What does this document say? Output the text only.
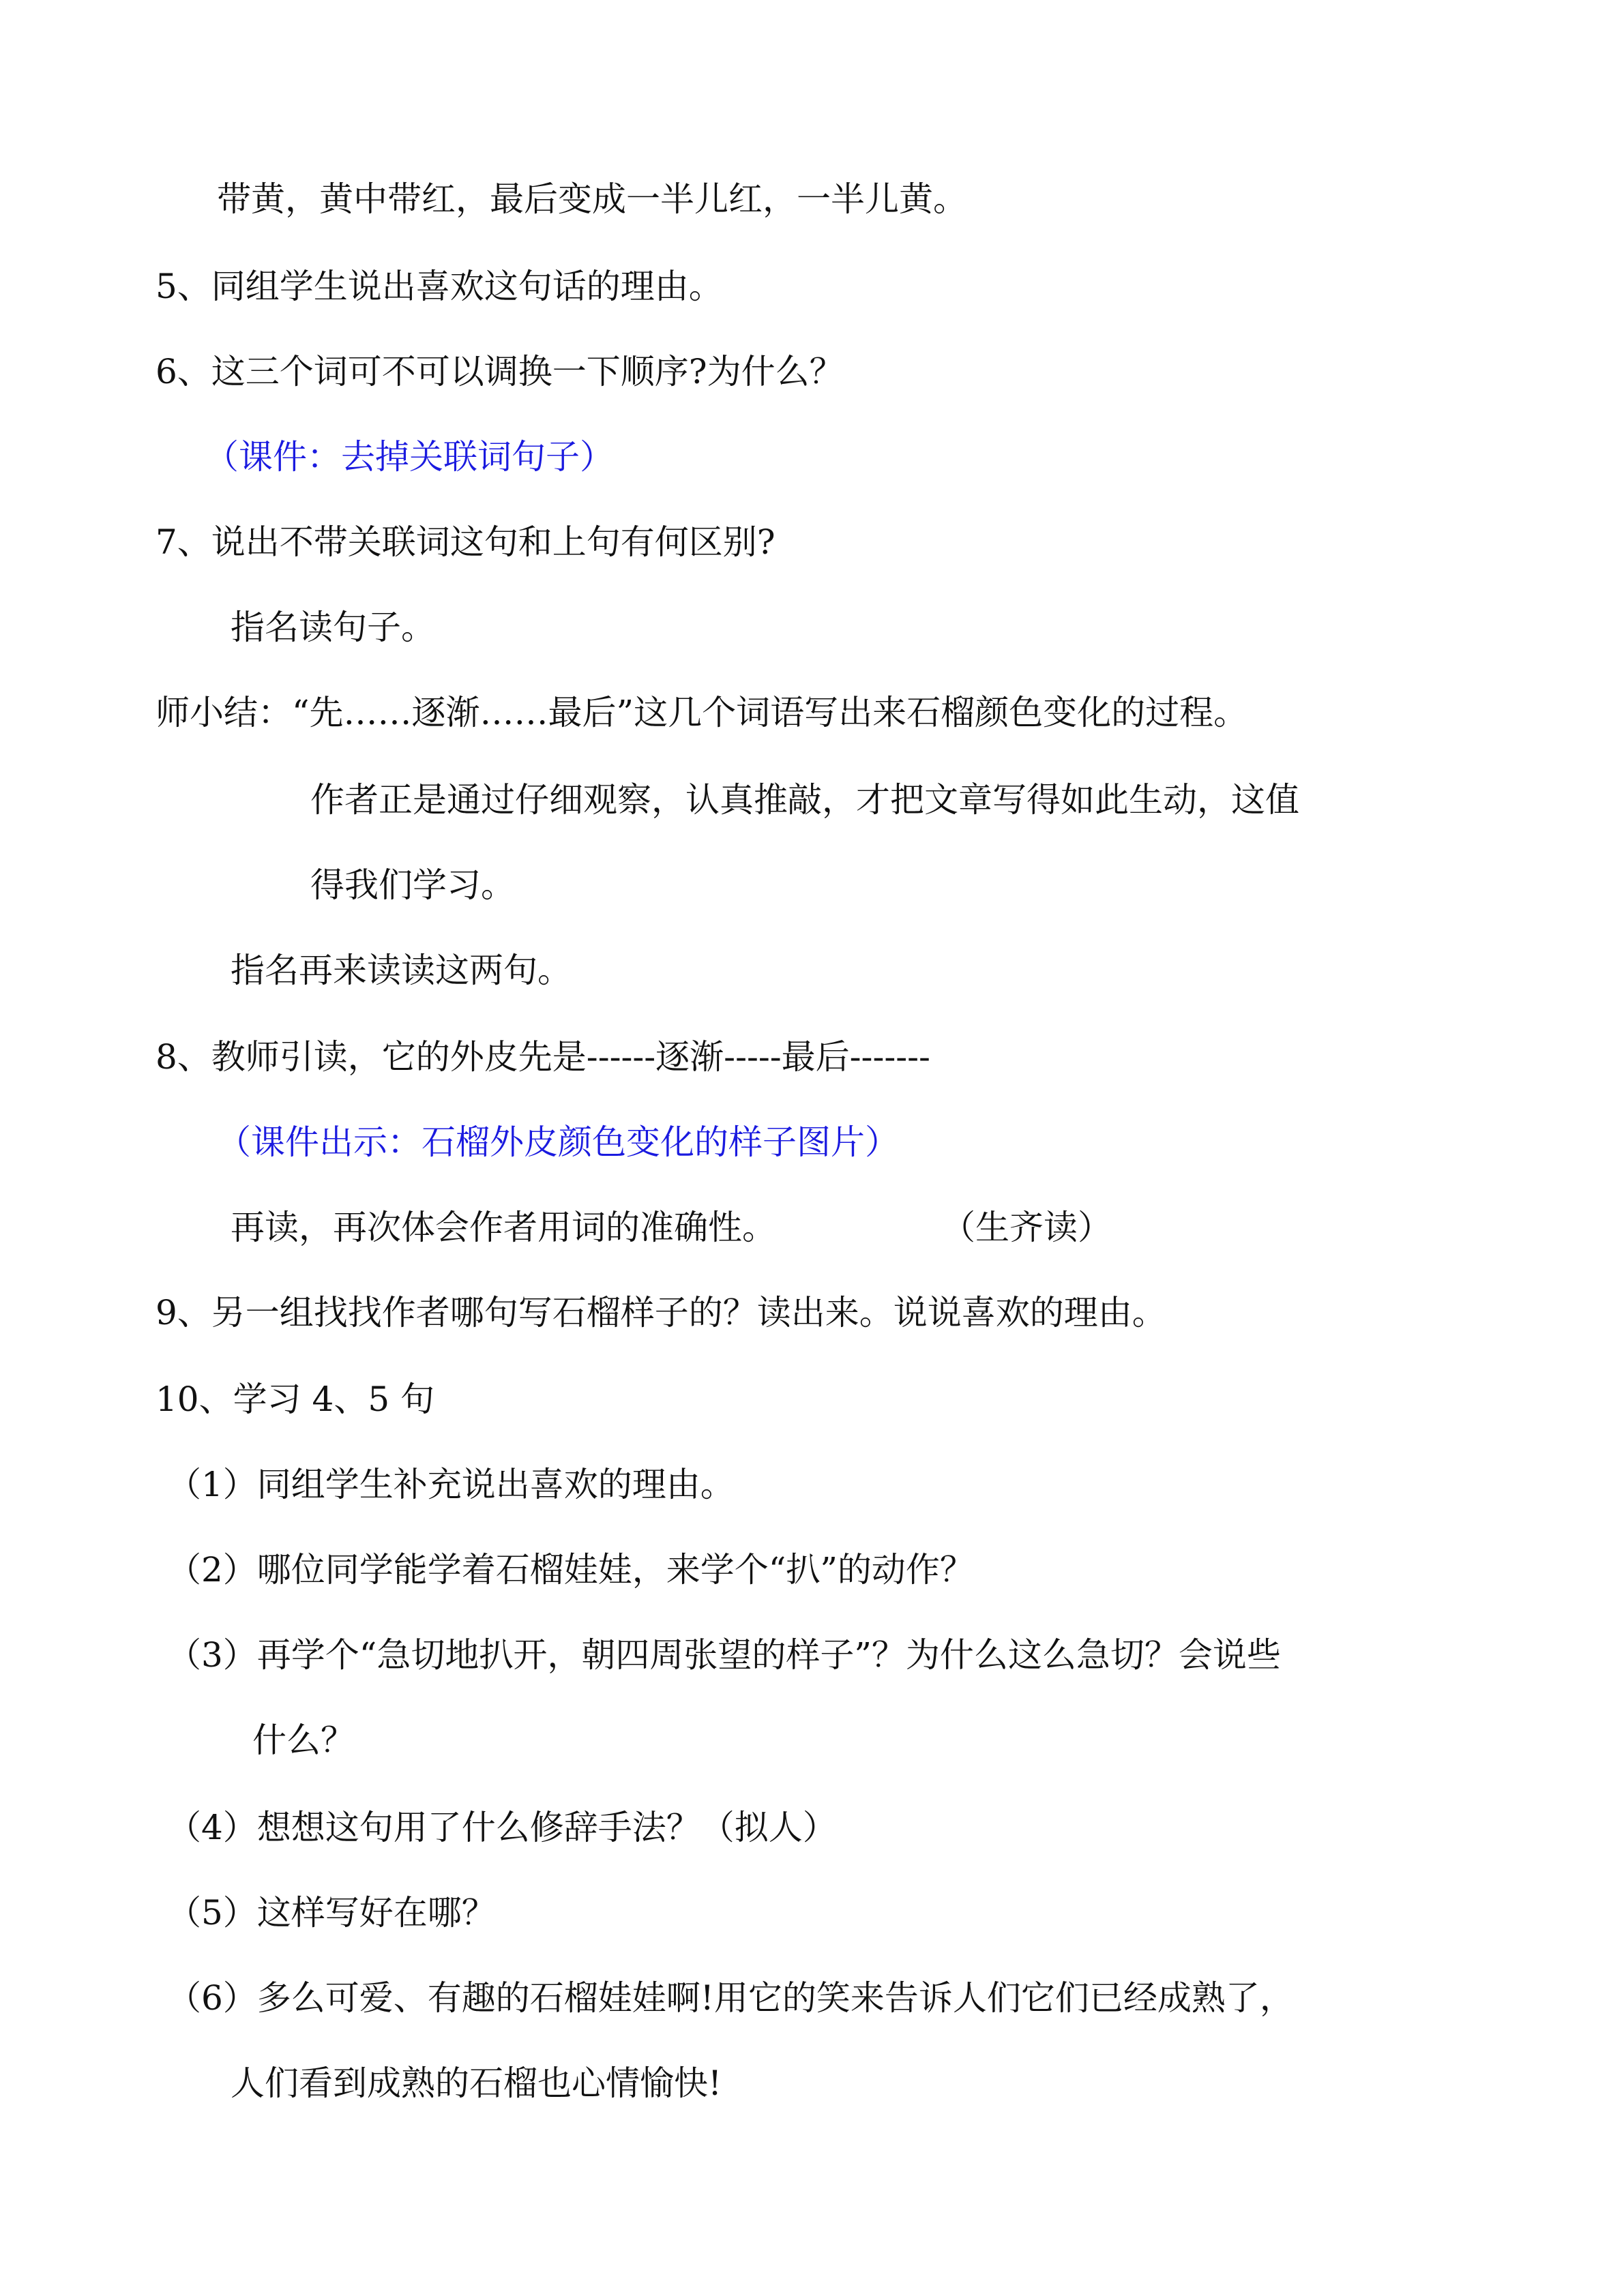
带黄，黄中带红，最后变成一半儿红，一半儿黄。
5、同组学生说出喜欢这句话的理由。
6、这三个词可不可以调换一下顺序?为什么？
（课件：去掉关联词句子）
7、说出不带关联词这句和上句有何区别?
指名读句子。
师小结：“先……逐渐……最后”这几个词语写出来石榴颜色变化的过程。
作者正是通过仔细观察，认真推敲，才把文章写得如此生动，这值
得我们学习。
指名再来读读这两句。
8、教师引读，它的外皮先是------逐渐-----最后-------
（课件出示：石榴外皮颜色变化的样子图片）
再读，再次体会作者用词的准确性。	（生齐读）
9、另一组找找作者哪句写石榴样子的？读出来。说说喜欢的理由。
10、学习 4、5 句
（1）同组学生补充说出喜欢的理由。
（2）哪位同学能学着石榴娃娃，来学个“扒”的动作？
（3）再学个“急切地扒开，朝四周张望的样子”？为什么这么急切？会说些
什么？
（4）想想这句用了什么修辞手法？（拟人）
（5）这样写好在哪？
（6）多么可爱、有趣的石榴娃娃啊!用它的笑来告诉人们它们已经成熟了，
人们看到成熟的石榴也心情愉快!
